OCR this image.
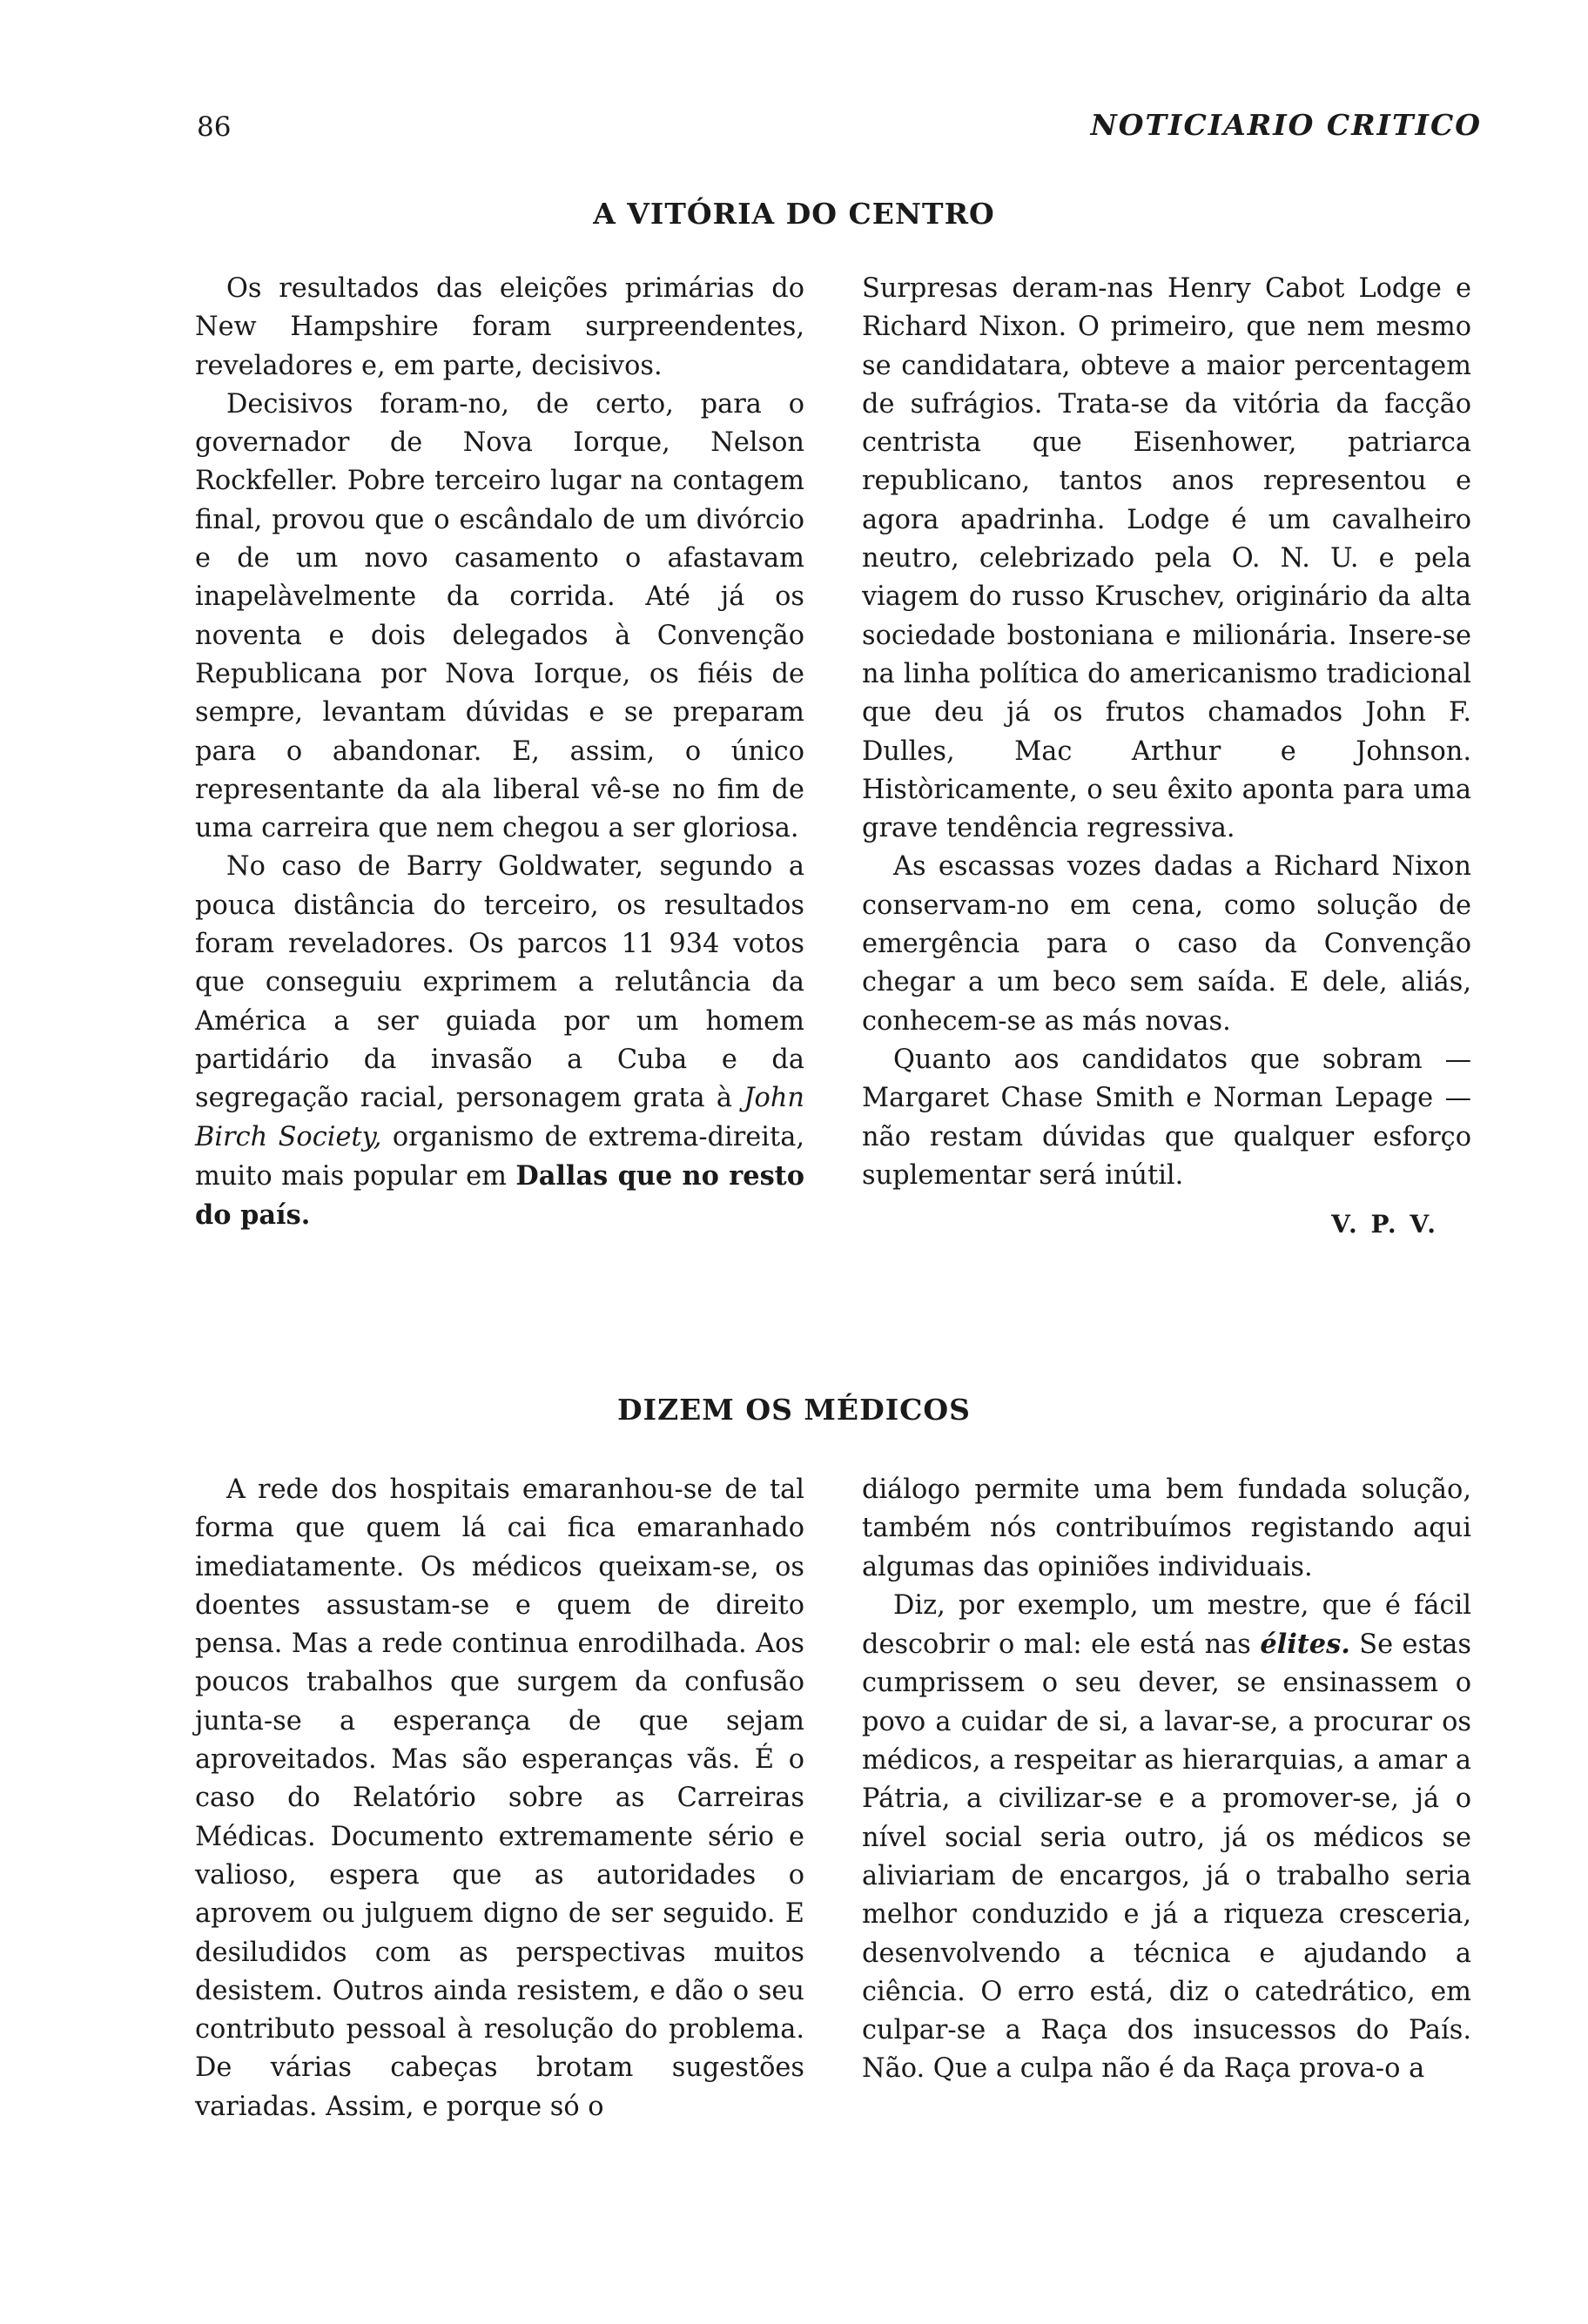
86	NOTICIARIO CRITICO
A VITÓRIA DO CENTRO

Os resultados das eleições primárias do New Hampshire foram surpreendentes, reveladores e, em parte, decisivos.

Decisivos foram-no, de certo, para o governador de Nova Iorque, Nelson Rockfeller. Pobre terceiro lugar na contagem final, provou que o escândalo de um divórcio e de um novo casamento o afastavam inapelàvelmente da corrida. Até já os noventa e dois delegados à Convenção Republicana por Nova Iorque, os fiéis de sempre, levantam dúvidas e se preparam para o abandonar. E, assim, o único representante da ala liberal vê-se no fim de uma carreira que nem chegou a ser gloriosa.

No caso de Barry Goldwater, segundo a pouca distância do terceiro, os resultados foram reveladores. Os parcos 11 934 votos que conseguiu exprimem a relutância da América a ser guiada por um homem partidário da invasão a Cuba e da segregação racial, personagem grata à John Birch Society, organismo de extrema-direita, muito mais popular em Dallas que no resto do país.

Surpresas deram-nas Henry Cabot Lodge e Richard Nixon. O primeiro, que nem mesmo se candidatara, obteve a maior percentagem de sufrágios. Trata-se da vitória da facção centrista que Eisenhower, patriarca republicano, tantos anos representou e agora apadrinha. Lodge é um cavalheiro neutro, celebrizado pela O. N. U. e pela viagem do russo Kruschev, originário da alta sociedade bostoniana e milionária. Insere-se na linha política do americanismo tradicional que deu já os frutos chamados John F. Dulles, Mac Arthur e Johnson. Històricamente, o seu êxito aponta para uma grave tendência regressiva.

As escassas vozes dadas a Richard Nixon conservam-no em cena, como solução de emergência para o caso da Convenção chegar a um beco sem saída. E dele, aliás, conhecem-se as más novas.

Quanto aos candidatos que sobram — Margaret Chase Smith e Norman Lepage — não restam dúvidas que qualquer esforço suplementar será inútil.

V. P. V.
DIZEM OS MÉDICOS

A rede dos hospitais emaranhou-se de tal forma que quem lá cai fica emaranhado imediatamente. Os médicos queixam-se, os doentes assustam-se e quem de direito pensa. Mas a rede continua enrodilhada. Aos poucos trabalhos que surgem da confusão junta-se a esperança de que sejam aproveitados. Mas são esperanças vãs. É o caso do Relatório sobre as Carreiras Médicas. Documento extremamente sério e valioso, espera que as autoridades o aprovem ou julguem digno de ser seguido. E desiludidos com as perspectivas muitos desistem. Outros ainda resistem, e dão o seu contributo pessoal à resolução do problema. De várias cabeças brotam sugestões variadas. Assim, e porque só o

diálogo permite uma bem fundada solução, também nós contribuímos registando aqui algumas das opiniões individuais.

Diz, por exemplo, um mestre, que é fácil descobrir o mal: ele está nas élites. Se estas cumprissem o seu dever, se ensinassem o povo a cuidar de si, a lavar-se, a procurar os médicos, a respeitar as hierarquias, a amar a Pátria, a civilizar-se e a promover-se, já o nível social seria outro, já os médicos se aliviariam de encargos, já o trabalho seria melhor conduzido e já a riqueza cresceria, desenvolvendo a técnica e ajudando a ciência. O erro está, diz o catedrático, em culpar-se a Raça dos insucessos do País. Não. Que a culpa não é da Raça prova-o a
